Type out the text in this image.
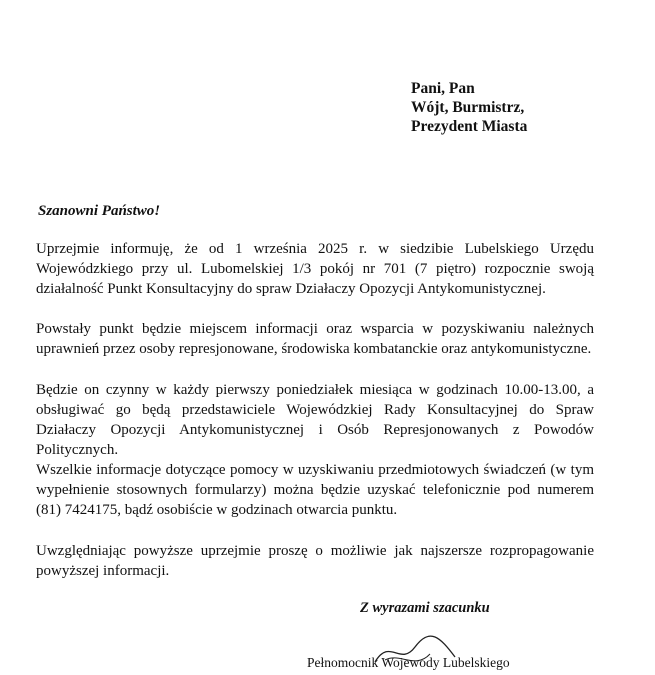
Pani, Pan
Wójt, Burmistrz,
Prezydent Miasta
Szanowni Państwo!

Uprzejmie informuję, że od 1 września 2025 r. w siedzibie Lubelskiego Urzędu Wojewódzkiego przy ul. Lubomelskiej 1/3 pokój nr 701 (7 piętro) rozpocznie swoją działalność Punkt Konsultacyjny do spraw Działaczy Opozycji Antykomunistycznej.

Powstały punkt będzie miejscem informacji oraz wsparcia w pozyskiwaniu należnych uprawnień przez osoby represjonowane, środowiska kombatanckie oraz antykomunistyczne.

Będzie on czynny w każdy pierwszy poniedziałek miesiąca w godzinach 10.00-13.00, a obsługiwać go będą przedstawiciele Wojewódzkiej Rady Konsultacyjnej do Spraw Działaczy Opozycji Antykomunistycznej i Osób Represjonowanych z Powodów Politycznych.

Wszelkie informacje dotyczące pomocy w uzyskiwaniu przedmiotowych świadczeń (w tym wypełnienie stosownych formularzy) można będzie uzyskać telefonicznie pod numerem (81) 7424175, bądź osobiście w godzinach otwarcia punktu.

Uwzględniając powyższe uprzejmie proszę o możliwie jak najszersze rozpropagowanie powyższej informacji.

Z wyrazami szacunku
Pełnomocnik Wojewody Lubelskiego
